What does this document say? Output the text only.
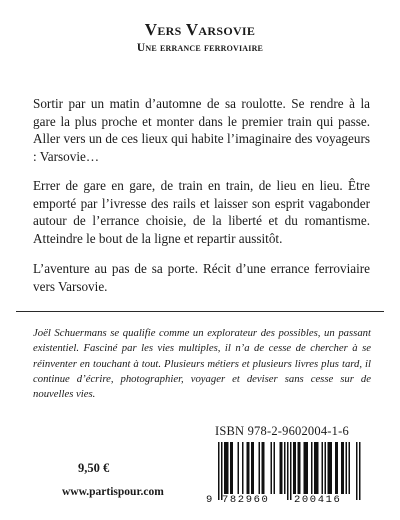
Vers Varsovie
Une errance ferroviaire

Sortir par un matin d’automne de sa roulotte. Se rendre à la gare la plus proche et monter dans le premier train qui passe. Aller vers un de ces lieux qui habite l’imaginaire des voyageurs : Varsovie…

Errer de gare en gare, de train en train, de lieu en lieu. Être emporté par l’ivresse des rails et laisser son esprit vagabonder autour de l’errance choisie, de la liberté et du romantisme. Atteindre le bout de la ligne et repartir aussitôt.

L’aventure au pas de sa porte. Récit d’une errance ferroviaire vers Varsovie.

Joël Schuermans se qualifie comme un explorateur des possibles, un passant existentiel. Fasciné par les vies multiples, il n’a de cesse de chercher à se réinventer en touchant à tout. Plusieurs métiers et plusieurs livres plus tard, il continue d’écrire, photographier, voyager et deviser sans cesse sur de nouvelles vies.

ISBN 978-2-9602004-1-6
9,50 €
www.partispour.com
9 782960 200416
